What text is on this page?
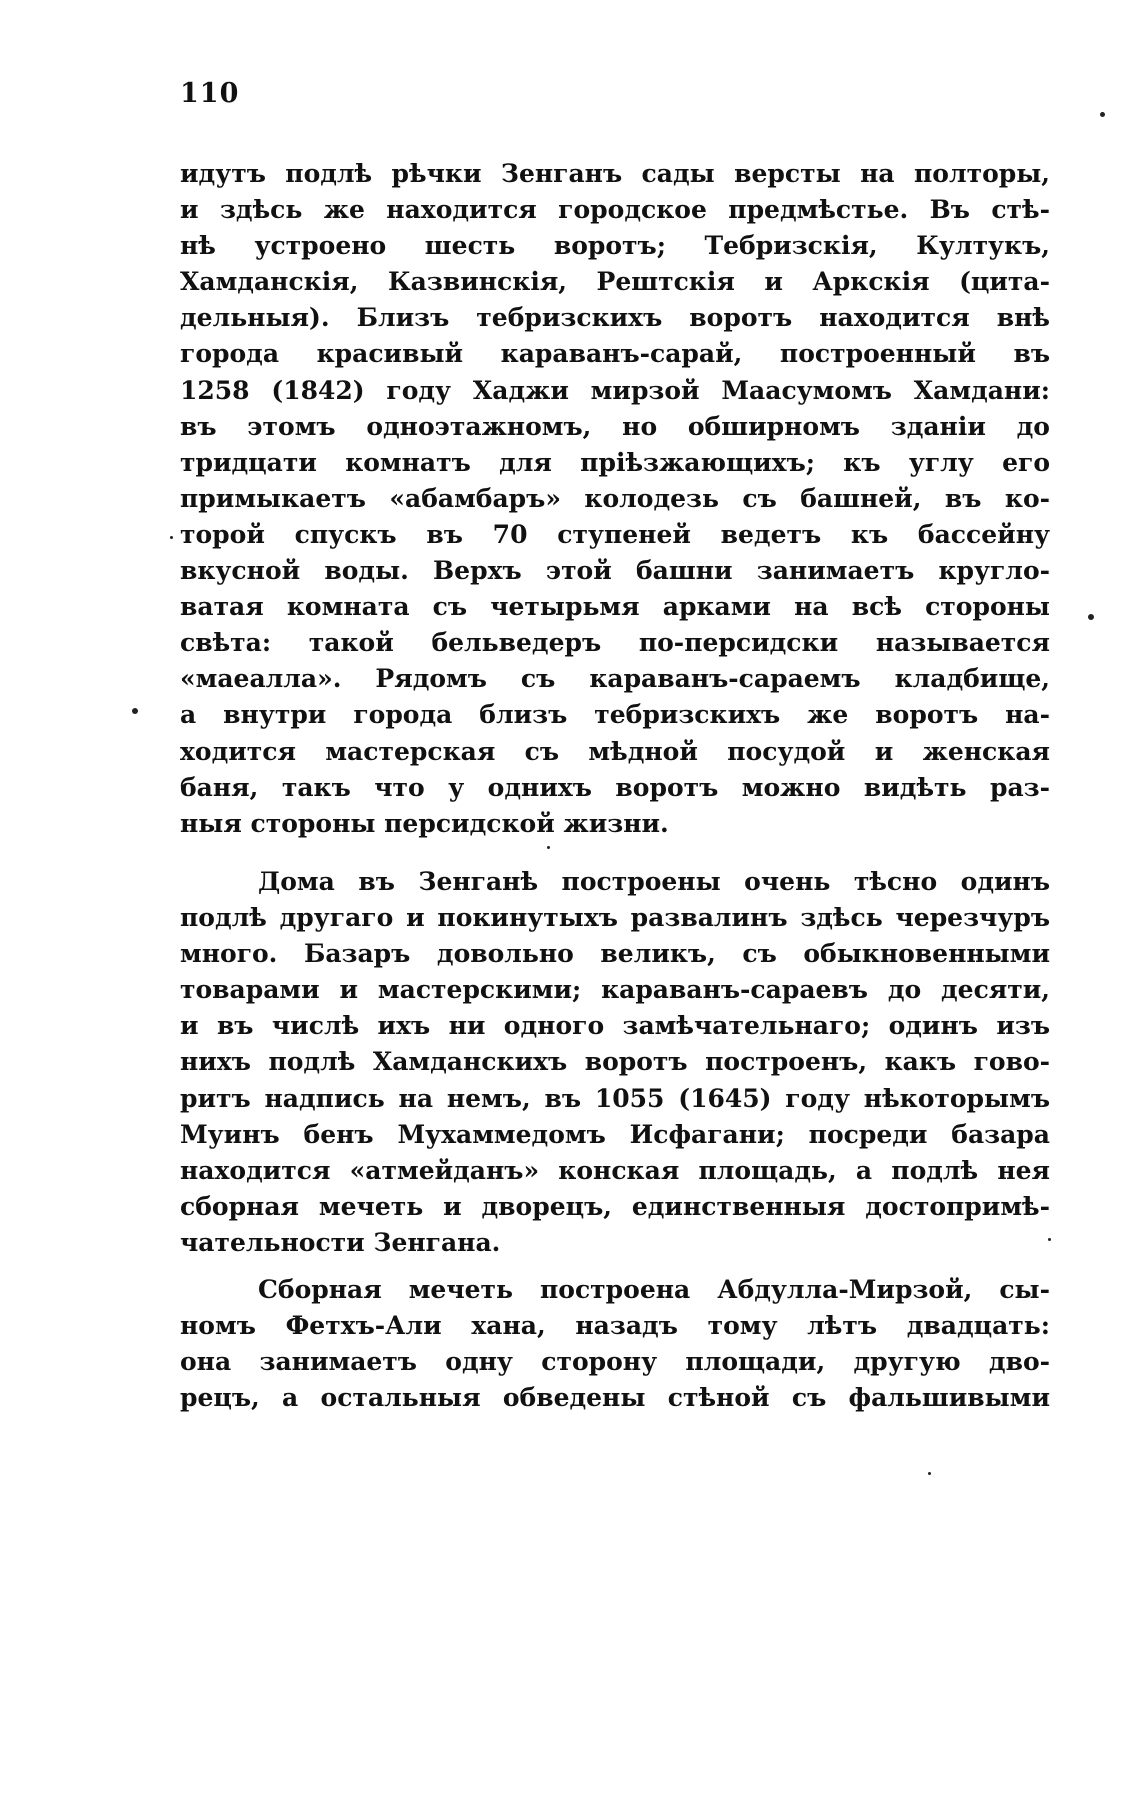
110
идутъ подлѣ рѣчки Зенганъ сады версты на полторы,
и здѣсь же находится городское предмѣстье. Въ стѣ-
нѣ устроено шесть воротъ; Тебризскія, Култукъ,
Хамданскія, Казвинскія, Рештскія и Аркскія (цита-
дельныя). Близъ тебризскихъ воротъ находится внѣ
города красивый караванъ-сарай, построенный въ
1258 (1842) году Хаджи мирзой Маасумомъ Хамдани:
въ этомъ одноэтажномъ, но обширномъ зданіи до
тридцати комнатъ для пріѣзжающихъ; къ углу его
примыкаетъ «абамбаръ» колодезь съ башней, въ ко-
торой спускъ въ 70 ступеней ведетъ къ бассейну
вкусной воды. Верхъ этой башни занимаетъ кругло-
ватая комната съ четырьмя арками на всѣ стороны
свѣта: такой бельведеръ по-персидски называется
«маеалла». Рядомъ съ караванъ-сараемъ кладбище,
а внутри города близъ тебризскихъ же воротъ на-
ходится мастерская съ мѣдной посудой и женская
баня, такъ что у однихъ воротъ можно видѣть раз-
ныя стороны персидской жизни.
Дома въ Зенганѣ построены очень тѣсно одинъ
подлѣ другаго и покинутыхъ развалинъ здѣсь черезчуръ
много. Базаръ довольно великъ, съ обыкновенными
товарами и мастерскими; караванъ-сараевъ до десяти,
и въ числѣ ихъ ни одного замѣчательнаго; одинъ изъ
нихъ подлѣ Хамданскихъ воротъ построенъ, какъ гово-
ритъ надпись на немъ, въ 1055 (1645) году нѣкоторымъ
Муинъ бенъ Мухаммедомъ Исфагани; посреди базара
находится «атмейданъ» конская площадь, а подлѣ нея
сборная мечеть и дворецъ, единственныя достопримѣ-
чательности Зенгана.
Сборная мечеть построена Абдулла-Мирзой, сы-
номъ Фетхъ-Али хана, назадъ тому лѣтъ двадцать:
она занимаетъ одну сторону площади, другую дво-
рецъ, а остальныя обведены стѣной съ фальшивыми
